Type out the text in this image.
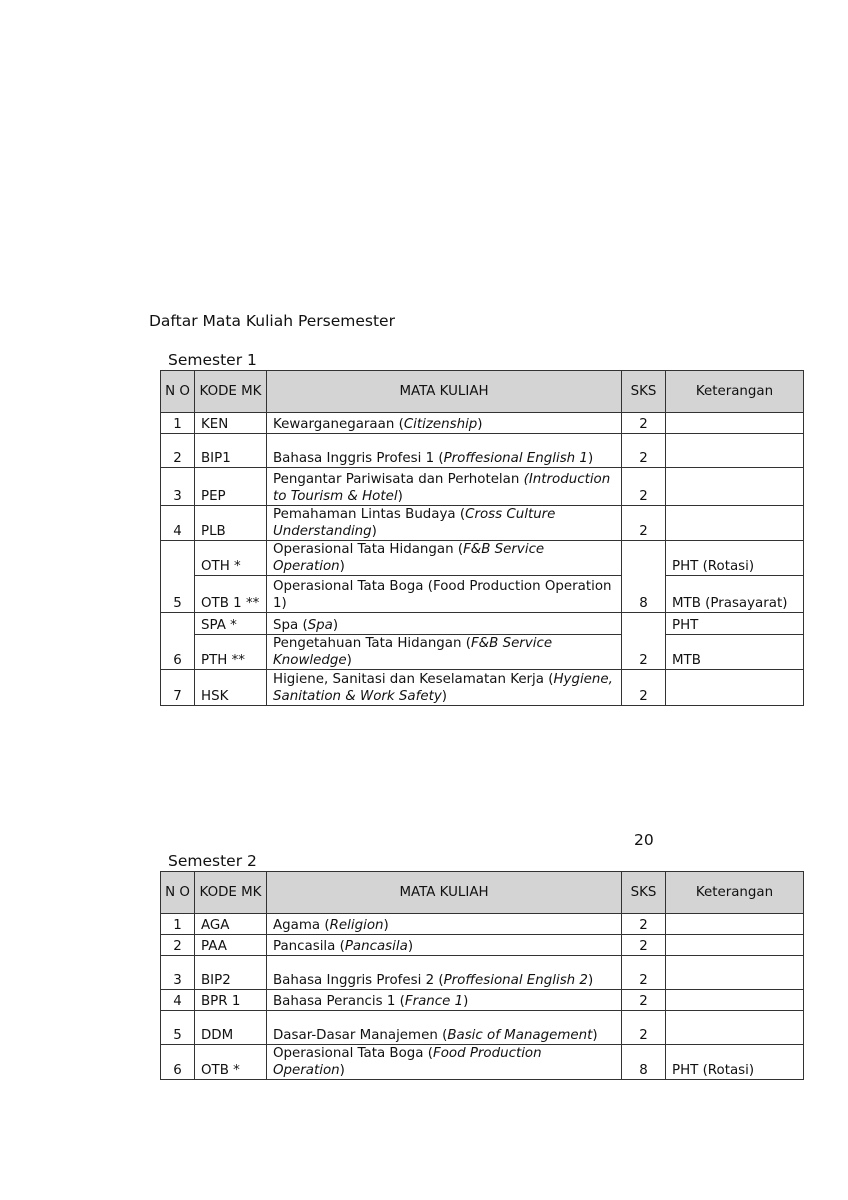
Daftar Mata Kuliah Persemester
Semester 1
N O	KODE MK	MATA KULIAH	SKS	Keterangan
1	KEN	Kewarganegaraan (Citizenship)	2	
2	BIP1	Bahasa Inggris Profesi 1 (Proffesional English 1)	2	
3	PEP	Pengantar Pariwisata dan Perhotelan (Introduction to Tourism & Hotel)	2	
4	PLB	Pemahaman Lintas Budaya (Cross Culture Understanding)	2	
5	OTH *	Operasional Tata Hidangan (F&B Service Operation)	8	PHT (Rotasi)
	OTB 1 **	Operasional Tata Boga (Food Production Operation 1)		MTB (Prasayarat)
6	SPA *	Spa (Spa)	2	PHT
	PTH **	Pengetahuan Tata Hidangan (F&B Service Knowledge)		MTB
7	HSK	Higiene, Sanitasi dan Keselamatan Kerja (Hygiene, Sanitation & Work Safety)	2	
20
Semester 2
N O	KODE MK	MATA KULIAH	SKS	Keterangan
1	AGA	Agama (Religion)	2	
2	PAA	Pancasila (Pancasila)	2	
3	BIP2	Bahasa Inggris Profesi 2 (Proffesional English 2)	2	
4	BPR 1	Bahasa Perancis 1 (France 1)	2	
5	DDM	Dasar-Dasar Manajemen (Basic of Management)	2	
6	OTB *	Operasional Tata Boga (Food Production Operation)	8	PHT (Rotasi)
